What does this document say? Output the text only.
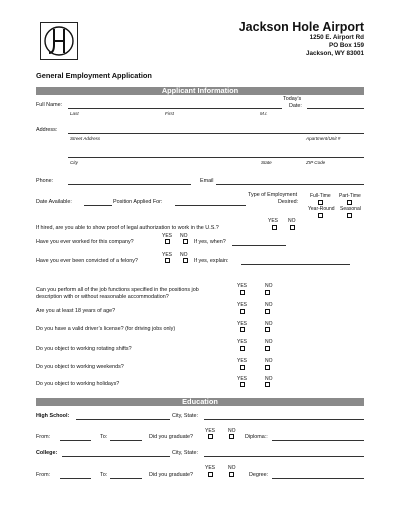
Jackson Hole Airport
1250 E. Airport Rd
PO Box 159
Jackson, WY 83001
General Employment Application
Applicant Information
Today’s
Date:
Full Name:
Last	First	M.I.
Address:
Street Address	Apartment/Unit #
City	State	ZIP Code
Phone:	Email
Type of Employment
Desired:
Full-Time Part-Time
Year-Round Seasonal
Date Available:	Position Applied For:
YES NO
If hired, are you able to show proof of legal authorization to work in the U.S.?
YES NO
Have you ever worked for this company?	If yes, when?
YES NO
Have you ever been convicted of a felony?	If yes, explain:
YES	NO
Can you perform all of the job functions specified in the positions job
description with or without reasonable accommodation?
YES	NO
Are you at least 18 years of age?
YES	NO
Do you have a valid driver’s license? (for driving jobs only)
YES	NO
Do you object to working rotating shifts?
YES	NO
Do you object to working weekends?
YES	NO
Do you object to working holidays?
Education
High School:	City, State:
YES	NO
From:	To:	Did you graduate?	Diploma::
College:	City, State:
YES	NO
From:	To:	Did you graduate?	Degree:
